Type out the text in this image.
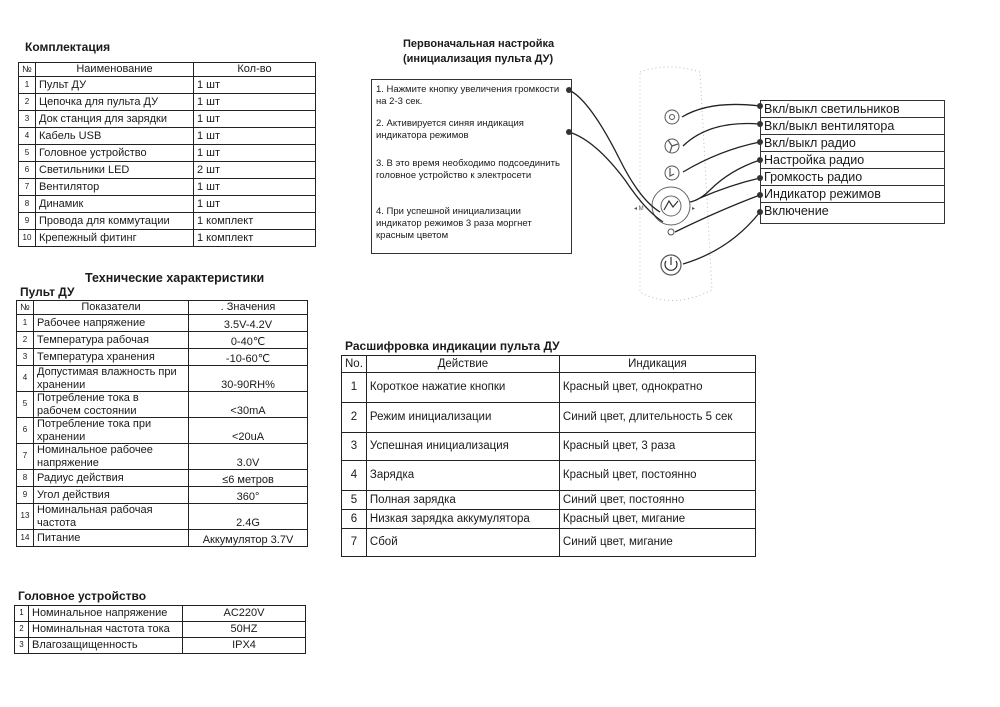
Комплектация
№	Наименование	Кол-во
1	Пульт ДУ	1 шт
2	Цепочка для пульта ДУ	1 шт
3	Док станция для зарядки	1 шт
4	Кабель USB	1 шт
5	Головное устройство	1 шт
6	Светильники LED	2 шт
7	Вентилятор	1 шт
8	Динамик	1 шт
9	Провода для коммутации	1 комплект
10	Крепежный фитинг	1 комплект
Технические характеристики
Пульт ДУ
№	Показатели	. Значения
1	Рабочее напряжение	3.5V-4.2V
2	Температура рабочая	0-40℃
3	Температура хранения	-10-60℃
4	Допустимая влажность при хранении	30-90RH%
5	Потребление тока в рабочем состоянии	<30mA
6	Потребление тока при хранении	<20uA
7	Номинальное рабочее напряжение	3.0V
8	Радиус действия	≤6 метров
9	Угол действия	360°
13	Номинальная рабочая частота	2.4G
14	Питание	Аккумулятор 3.7V
Головное устройство
1	Номинальное напряжение	AC220V
2	Номинальная частота тока	50HZ
3	Влагозащищенность	IPX4
Первоначальная настройка
(инициализация пульта ДУ)
1. Нажмите кнопку увеличения громкости на 2-3 сек.
2. Активируется синяя индикация индикатора режимов
3. В это время необходимо подсоединить головное устройство к электросети
4. При успешной инициализации индикатор режимов 3 раза моргнет красным цветом
◂ M	▸
Вкл/выкл светильников
Вкл/выкл вентилятора
Вкл/выкл радио
Настройка радио
Громкость радио
Индикатор режимов
Включение
Расшифровка индикации пульта ДУ
No.	Действие	Индикация
1	Короткое нажатие кнопки	Красный цвет, однократно
2	Режим инициализации	Синий цвет, длительность 5 сек
3	Успешная инициализация	Красный цвет, 3 раза
4	Зарядка	Красный цвет, постоянно
5	Полная зарядка	Синий цвет, постоянно
6	Низкая зарядка аккумулятора	Красный цвет, мигание
7	Сбой	Синий цвет, мигание
